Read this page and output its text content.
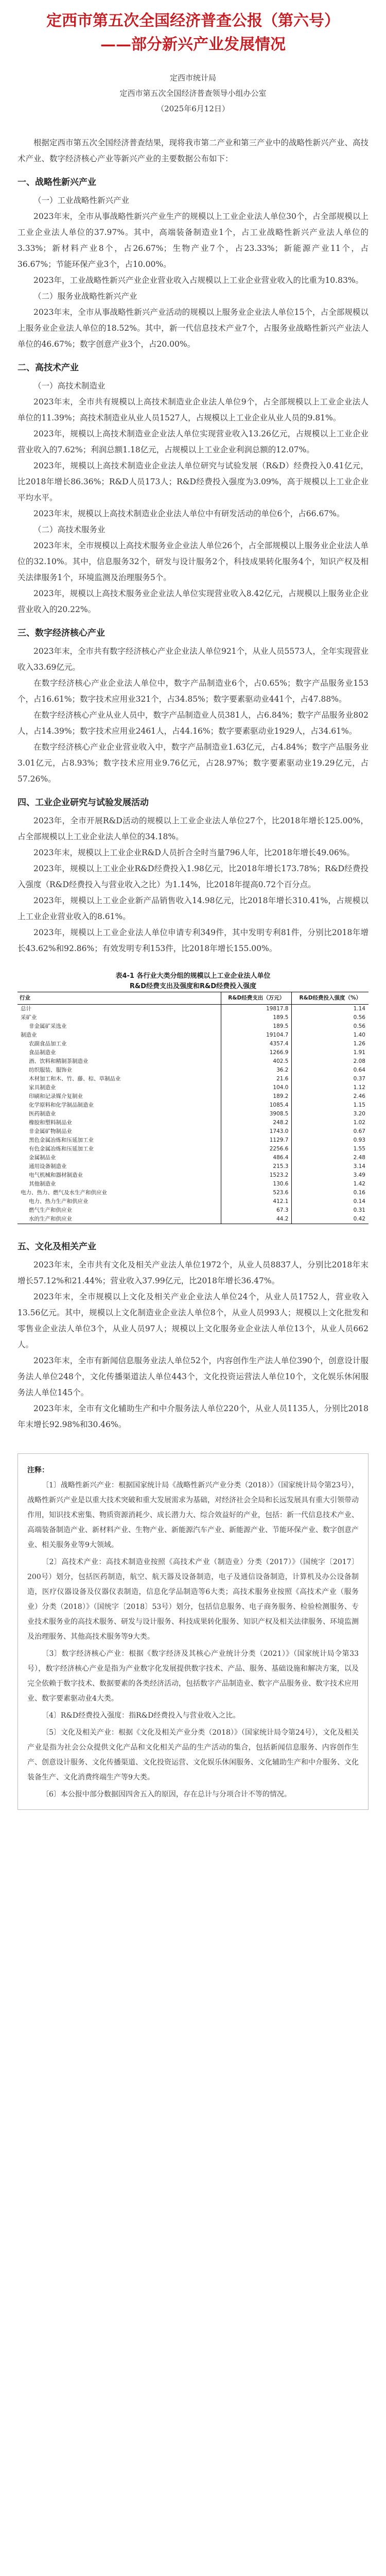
定西市第五次全国经济普查公报（第六号）
——部分新兴产业发展情况
定西市统计局
定西市第五次全国经济普查领导小组办公室
（2025年6月12日）

根据定西市第五次全国经济普查结果，现将我市第二产业和第三产业中的战略性新兴产业、高技术产业、数字经济核心产业等新兴产业的主要数据公布如下：

一、战略性新兴产业
（一）工业战略性新兴产业

2023年末，全市从事战略性新兴产业生产的规模以上工业企业法人单位30个，占全部规模以上工业企业法人单位的37.97%。其中，高端装备制造业1个，占工业战略性新兴产业法人单位的3.33%；新材料产业8个，占26.67%；生物产业7个，占23.33%；新能源产业11个，占36.67%；节能环保产业3个，占10.00%。

2023年，工业战略性新兴产业企业营业收入占规模以上工业企业营业收入的比重为10.83%。

（二）服务业战略性新兴产业

2023年末，全市从事战略性新兴产业活动的规模以上服务业企业法人单位15个，占全部规模以上服务业企业法人单位的18.52%。其中，新一代信息技术产业7个，占服务业战略性新兴产业法人单位的46.67%；数字创意产业3个，占20.00%。

二、高技术产业
（一）高技术制造业

2023年末，全市共有规模以上高技术制造业企业法人单位9个，占全部规模以上工业企业法人单位的11.39%；高技术制造业从业人员1527人，占规模以上工业企业从业人员的9.81%。

2023年，规模以上高技术制造业企业法人单位实现营业收入13.26亿元，占规模以上工业企业营业收入的7.62%；利润总额1.18亿元，占规模以上工业企业利润总额的12.07%。

2023年，规模以上高技术制造业企业法人单位研究与试验发展（R&D）经费投入0.41亿元，比2018年增长86.36%；R&D人员173人；R&D经费投入强度为3.09%，高于规模以上工业企业平均水平。

2023年末，规模以上高技术制造业企业法人单位中有研发活动的单位6个，占66.67%。

（二）高技术服务业

2023年末，全市规模以上高技术服务业企业法人单位26个，占全部规模以上服务业企业法人单位的32.10%。其中，信息服务32个，研发与设计服务2个，科技成果转化服务4个，知识产权及相关法律服务1个，环境监测及治理服务5个。

2023年，规模以上高技术服务业企业法人单位实现营业收入8.42亿元，占规模以上服务业企业营业收入的20.22%。

三、数字经济核心产业

2023年末，全市共有数字经济核心产业企业法人单位921个，从业人员5573人，全年实现营业收入33.69亿元。

在数字经济核心产业企业法人单位中，数字产品制造业6个，占0.65%；数字产品服务业153个，占16.61%；数字技术应用业321个，占34.85%；数字要素驱动业441个，占47.88%。

在数字经济核心产业从业人员中，数字产品制造业人员381人，占6.84%；数字产品服务业802人，占14.39%；数字技术应用业2461人，占44.16%；数字要素驱动业1929人，占34.61%。

在数字经济核心产业企业营业收入中，数字产品制造业1.63亿元，占4.84%；数字产品服务业3.01亿元，占8.93%；数字技术应用业9.76亿元，占28.97%；数字要素驱动业19.29亿元，占57.26%。

四、工业企业研究与试验发展活动

2023年，全市开展R&D活动的规模以上工业企业法人单位27个，比2018年增长125.00%，占全部规模以上工业企业法人单位的34.18%。

2023年末，规模以上工业企业R&D人员折合全时当量796人年，比2018年增长49.06%。

2023年，规模以上工业企业R&D经费投入1.98亿元，比2018年增长173.78%；R&D经费投入强度（R&D经费投入与营业收入之比）为1.14%，比2018年提高0.72个百分点。

2023年，规模以上工业企业新产品销售收入14.98亿元，比2018年增长310.41%，占规模以上工业企业营业收入的8.61%。

2023年，规模以上工业企业法人单位申请专利349件，其中发明专利81件，分别比2018年增长43.62%和92.86%；有效发明专利153件，比2018年增长155.00%。

表4-1 各行业大类分组的规模以上工业企业法人单位
R&D经费支出及强度和R&D经费投入强度
行业	R&D经费支出（万元）	R&D经费投入强度（%）
总计	19817.8	1.14
采矿业	189.5	0.56
非金属矿采选业	189.5	0.56
制造业	19104.7	1.40
农副食品加工业	4357.4	1.26
食品制造业	1266.9	1.91
酒、饮料和精制茶制造业	402.5	2.08
纺织服装、服饰业	36.2	0.64
木材加工和木、竹、藤、棕、草制品业	21.6	0.37
家具制造业	104.0	1.12
印刷和记录媒介复制业	189.2	2.46
化学原料和化学制品制造业	1085.4	1.15
医药制造业	3908.5	3.20
橡胶和塑料制品业	248.2	1.02
非金属矿物制品业	1743.0	0.67
黑色金属冶炼和压延加工业	1129.7	0.93
有色金属冶炼和压延加工业	2256.6	1.55
金属制品业	486.4	2.48
通用设备制造业	215.3	3.14
电气机械和器材制造业	1523.2	3.49
其他制造业	130.6	1.42
电力、热力、燃气及水生产和供应业	523.6	0.16
电力、热力生产和供应业	412.1	0.14
燃气生产和供应业	67.3	0.31
水的生产和供应业	44.2	0.42
五、文化及相关产业

2023年末，全市共有文化及相关产业法人单位1972个，从业人员8837人，分别比2018年末增长57.12%和21.44%；营业收入37.99亿元，比2018年增长36.47%。

2023年末，全市规模以上文化及相关产业企业法人单位24个，从业人员1752人，营业收入13.56亿元。其中，规模以上文化制造业企业法人单位8个，从业人员993人；规模以上文化批发和零售业企业法人单位3个，从业人员97人；规模以上文化服务业企业法人单位13个，从业人员662人。

2023年末，全市有新闻信息服务业法人单位52个，内容创作生产法人单位390个，创意设计服务法人单位248个，文化传播渠道法人单位443个，文化投资运营法人单位10个，文化娱乐休闲服务法人单位145个。

2023年末，全市有文化辅助生产和中介服务法人单位220个，从业人员1135人，分别比2018年末增长92.98%和30.46%。

注释：

〔1〕战略性新兴产业：根据国家统计局《战略性新兴产业分类（2018）》（国家统计局令第23号），战略性新兴产业是以重大技术突破和重大发展需求为基础，对经济社会全局和长远发展具有重大引领带动作用，知识技术密集、物质资源消耗少、成长潜力大、综合效益好的产业，包括：新一代信息技术产业、高端装备制造产业、新材料产业、生物产业、新能源汽车产业、新能源产业、节能环保产业、数字创意产业、相关服务业等9大领域。

〔2〕高技术产业：高技术制造业按照《高技术产业（制造业）分类（2017）》（国统字〔2017〕200号）划分，包括医药制造，航空、航天器及设备制造，电子及通信设备制造，计算机及办公设备制造，医疗仪器设备及仪器仪表制造，信息化学品制造等6大类；高技术服务业按照《高技术产业（服务业）分类（2018）》（国统字〔2018〕53号）划分，包括信息服务、电子商务服务、检验检测服务、专业技术服务业的高技术服务、研发与设计服务、科技成果转化服务、知识产权及相关法律服务、环境监测及治理服务、其他高技术服务等9大类。

〔3〕数字经济核心产业：根据《数字经济及其核心产业统计分类（2021）》（国家统计局令第33号），数字经济核心产业是指为产业数字化发展提供数字技术、产品、服务、基础设施和解决方案，以及完全依赖于数字技术、数据要素的各类经济活动，包括数字产品制造业、数字产品服务业、数字技术应用业、数字要素驱动业4大类。

〔4〕R&D经费投入强度：指R&D经费投入与营业收入之比。

〔5〕文化及相关产业：根据《文化及相关产业分类（2018）》（国家统计局令第24号），文化及相关产业是指为社会公众提供文化产品和文化相关产品的生产活动的集合，包括新闻信息服务、内容创作生产、创意设计服务、文化传播渠道、文化投资运营、文化娱乐休闲服务、文化辅助生产和中介服务、文化装备生产、文化消费终端生产等9大类。

〔6〕本公报中部分数据因四舍五入的原因，存在总计与分项合计不等的情况。
